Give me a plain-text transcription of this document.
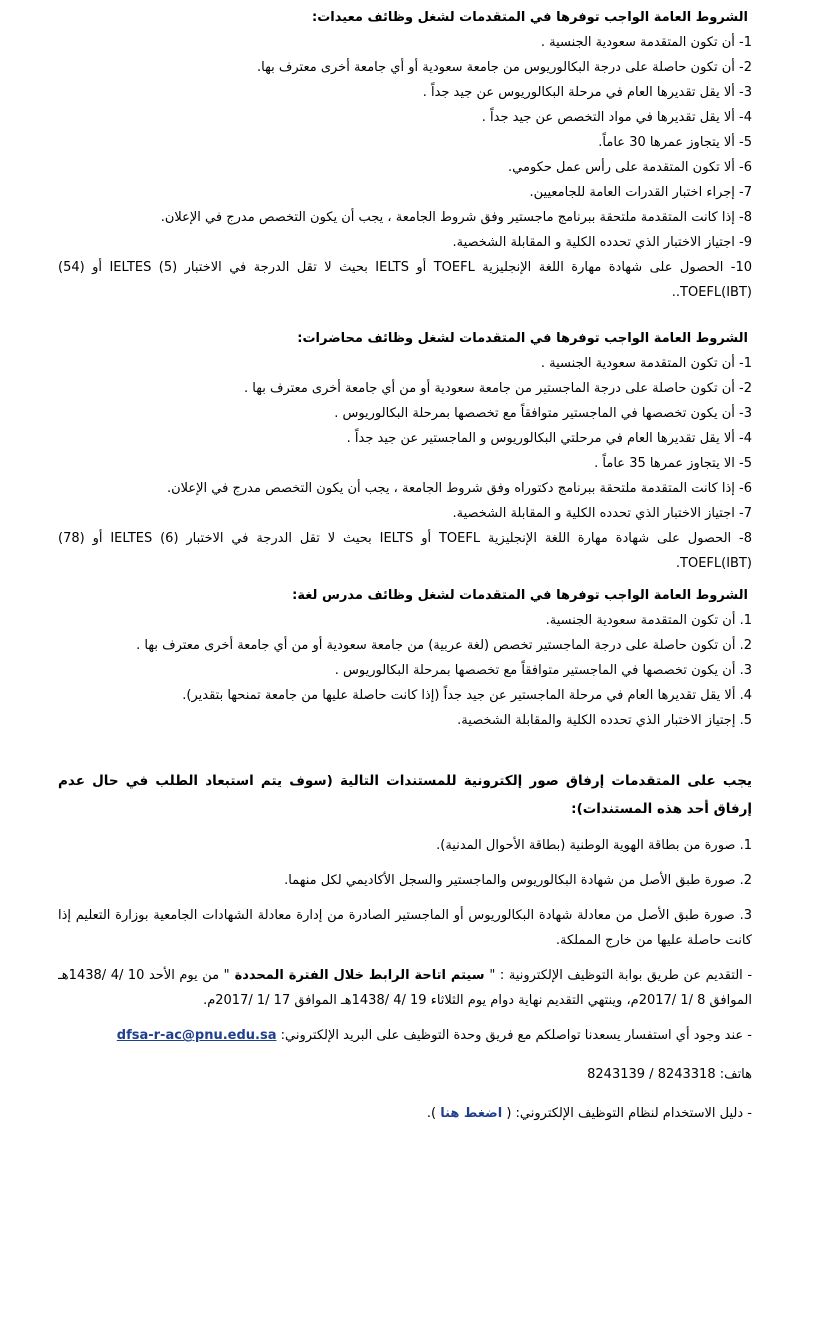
الشروط العامة الواجب توفرها في المتقدمات لشغل وظائف معيدات:

1- أن تكون المتقدمة سعودية الجنسية .

2- أن تكون حاصلة على درجة البكالوريوس من جامعة سعودية أو أي جامعة أخرى معترف بها.

3- ألا يقل تقديرها العام في مرحلة البكالوريوس عن جيد جداً .

4- ألا يقل تقديرها في مواد التخصص عن جيد جداً .

5- ألا يتجاوز عمرها 30 عاماً.

6- ألا تكون المتقدمة على رأس عمل حكومي.

7- إجراء اختبار القدرات العامة للجامعيين.

8- إذا كانت المتقدمة ملتحقة ببرنامج ماجستير وفق شروط الجامعة ، يجب أن يكون التخصص مدرج في الإعلان.

9- اجتياز الاختبار الذي تحدده الكلية و المقابلة الشخصية.

10- الحصول على شهادة مهارة اللغة الإنجليزية TOEFL أو IELTS بحيث لا تقل الدرجة في الاختبار IELTES (5) أو (54) TOEFL(IBT)..

الشروط العامة الواجب توفرها في المتقدمات لشغل وظائف محاضرات:

1- أن تكون المتقدمة سعودية الجنسية .

2- أن تكون حاصلة على درجة الماجستير من جامعة سعودية أو من أي جامعة أخرى معترف بها .

3- أن يكون تخصصها في الماجستير متوافقاً مع تخصصها بمرحلة البكالوريوس .

4- ألا يقل تقديرها العام في مرحلتي البكالوريوس و الماجستير عن جيد جداً .

5- الا يتجاوز عمرها 35 عاماً .

6- إذا كانت المتقدمة ملتحقة ببرنامج دكتوراه وفق شروط الجامعة ، يجب أن يكون التخصص مدرج في الإعلان.

7- اجتياز الاختبار الذي تحدده الكلية و المقابلة الشخصية.

8- الحصول على شهادة مهارة اللغة الإنجليزية TOEFL أو IELTS بحيث لا تقل الدرجة في الاختبار IELTES (6) أو (78) TOEFL(IBT).

الشروط العامة الواجب توفرها في المتقدمات لشغل وظائف مدرس لغة:

1. أن تكون المتقدمة سعودية الجنسية.

2. أن تكون حاصلة على درجة الماجستير تخصص (لغة عربية) من جامعة سعودية أو من أي جامعة أخرى معترف بها .

3. أن يكون تخصصها في الماجستير متوافقاً مع تخصصها بمرحلة البكالوريوس .

4. ألا يقل تقديرها العام في مرحلة الماجستير عن جيد جداً (إذا كانت حاصلة عليها من جامعة تمنحها بتقدير).

5. إجتياز الاختبار الذي تحدده الكلية والمقابلة الشخصية.

يجب على المتقدمات إرفاق صور إلكترونية للمستندات التالية (سوف يتم استبعاد الطلب في حال عدم إرفاق أحد هذه المستندات):

1. صورة من بطاقة الهوية الوطنية (بطاقة الأحوال المدنية).

2. صورة طبق الأصل من شهادة البكالوريوس والماجستير والسجل الأكاديمي لكل منهما.

3. صورة طبق الأصل من معادلة شهادة البكالوريوس أو الماجستير الصادرة من إدارة معادلة الشهادات الجامعية بوزارة التعليم إذا كانت حاصلة عليها من خارج المملكة.

- التقديم عن طريق بوابة التوظيف الإلكترونية : " سيتم اتاحة الرابط خلال الفترة المحددة " من يوم الأحد 10 /4 /1438هـ الموافق 8 /1 /2017م، وينتهي التقديم نهاية دوام يوم الثلاثاء 19 /4 /1438هـ الموافق 17 /1 /2017م.

- عند وجود أي استفسار يسعدنا تواصلكم مع فريق وحدة التوظيف على البريد الإلكتروني: dfsa-r-ac@pnu.edu.sa

هاتف: 8243318 / 8243139

- دليل الاستخدام لنظام التوظيف الإلكتروني: ( اضغط هنا ).
